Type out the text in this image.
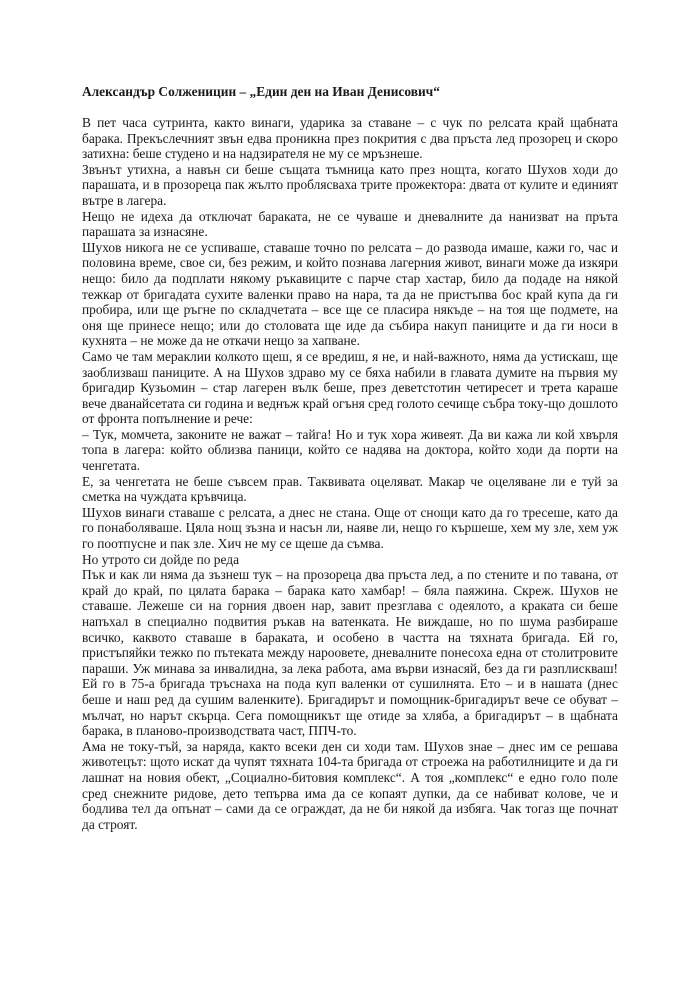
Александър Солженицин – „Един ден на Иван Денисович“

В пет часа сутринта, както винаги, ударика за ставане – с чук по релсата край щабната барака. Прекъслечният звън едва проникна през покрития с два пръста лед прозорец и скоро затихна: беше студено и на надзирателя не му се мръзнеше.

Звънът утихна, а навън си беше същата тъмница като през нощта, когато Шухов ходи до парашата, и в прозореца пак жълто проблясваха трите прожектора: двата от кулите и единият вътре в лагера.

Нещо не идеха да отключат бараката, не се чуваше и дневалните да нанизват на пръта парашата за изнасяне.

Шухов никога не се успиваше, ставаше точно по релсата – до развода имаше, кажи го, час и половина време, свое си, без режим, и който познава лагерния живот, винаги може да изкяри нещо: било да подплати някому ръкавиците с парче стар хастар, било да подаде на някой тежкар от бригадата сухите валенки право на нара, та да не пристъпва бос край купа да ги пробира, или ще ръгне по складчетата – все ще се пласира някъде – на тоя ще подмете, на оня ще принесе нещо; или до столовата ще иде да събира накуп паниците и да ги носи в кухнята – не може да не откачи нещо за хапване.

Само че там мераклии колкото щеш, я се вредиш, я не, и най-важното, няма да устискаш, ще заоблизваш паниците. А на Шухов здраво му се бяха набили в главата думите на първия му бригадир Кузьомин – стар лагерен вълк беше, през деветстотин четиресет и трета караше вече дванайсетата си година и веднъж край огъня сред голото сечище събра току-що дошлото от фронта попълнение и рече:

– Тук, момчета, законите не важат – тайга! Но и тук хора живеят. Да ви кажа ли кой хвърля топа в лагера: който облизва паници, който се надява на доктора, който ходи да порти на ченгетата.

Е, за ченгетата не беше съвсем прав. Таквивата оцеляват. Макар че оцеляване ли е туй за сметка на чуждата кръвчица.

Шухов винаги ставаше с релсата, а днес не стана. Още от снощи като да го тресеше, като да го понаболяваше. Цяла нощ зъзна и насън ли, наяве ли, нещо го кършеше, хем му зле, хем уж го поотпусне и пак зле. Хич не му се щеше да съмва.

Но утрото си дойде по реда

Пък и как ли няма да зъзнеш тук – на прозореца два пръста лед, а по стените и по тавана, от край до край, по цялата барака – барака като хамбар! – бяла паяжина. Скреж. Шухов не ставаше. Лежеше си на горния двоен нар, завит презглава с одеялото, а краката си беше напъхал в специално подвития ръкав на ватенката. Не виждаше, но по шума разбираше всичко, каквото ставаше в бараката, и особено в частта на тяхната бригада. Ей го, пристъпяйки тежко по пътеката между нароовете, дневалните понесоха една от столитровите параши. Уж минава за инвалидна, за лека работа, ама върви изнасяй, без да ги разплискваш! Ей го в 75-а бригада тръснаха на пода куп валенки от сушилнята. Ето – и в нашата (днес беше и наш ред да сушим валенките). Бригадирът и помощник-бригадирът вече се обуват – мълчат, но нарът скърца. Сега помощникът ще отиде за хляба, а бригадирът – в щабната барака, в планово-производствата част, ППЧ-то.

Ама не току-тъй, за наряда, както всеки ден си ходи там. Шухов знае – днес им се решава животецът: щото искат да чупят тяхната 104-та бригада от строежа на работилниците и да ги лашнат на новия обект, „Социално-битовия комплекс“. А тоя „комплекс“ е едно голо поле сред снежните ридове, дето тепърва има да се копаят дупки, да се набиват колове, че и бодлива тел да опънат – сами да се ограждат, да не би някой да избяга. Чак тогаз ще почнат да строят.
